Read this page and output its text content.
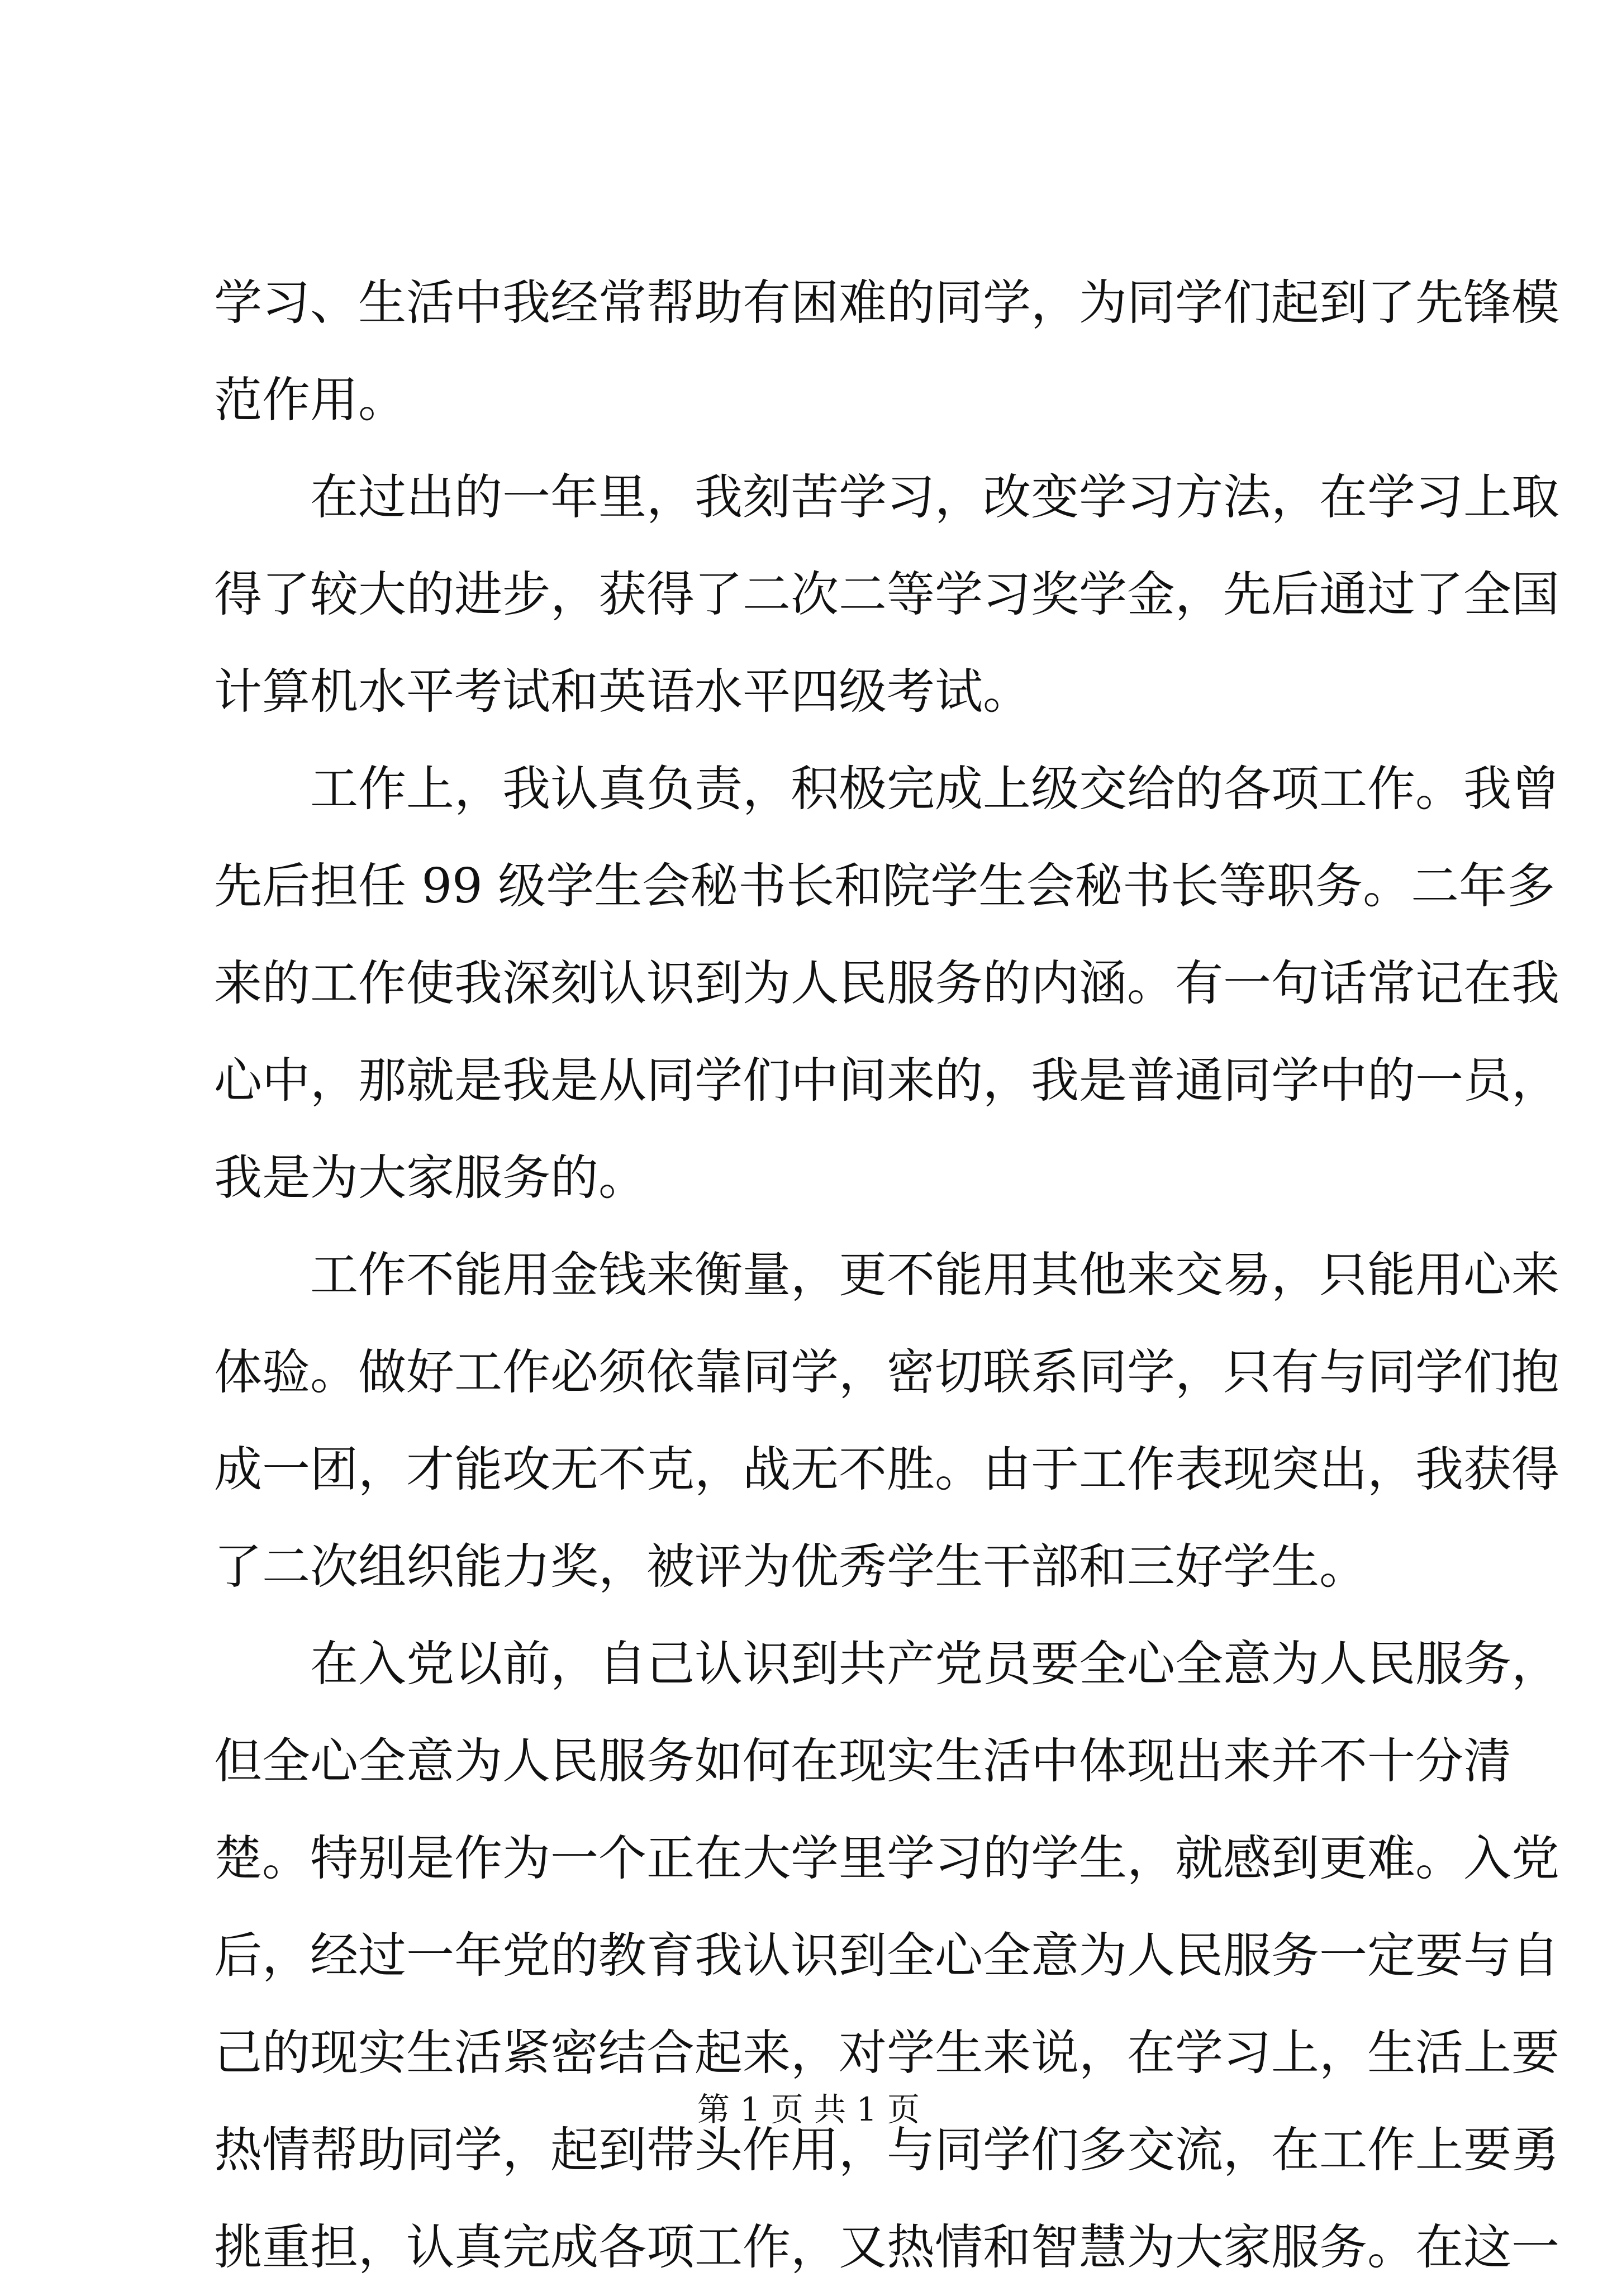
学习、生活中我经常帮助有困难的同学，为同学们起到了先锋模
范作用。
在过出的一年里，我刻苦学习，改变学习方法，在学习上取
得了较大的进步，获得了二次二等学习奖学金，先后通过了全国
计算机水平考试和英语水平四级考试。
工作上，我认真负责，积极完成上级交给的各项工作。我曾
先后担任 99 级学生会秘书长和院学生会秘书长等职务。二年多
来的工作使我深刻认识到为人民服务的内涵。有一句话常记在我
心中，那就是我是从同学们中间来的，我是普通同学中的一员，
我是为大家服务的。
工作不能用金钱来衡量，更不能用其他来交易，只能用心来
体验。做好工作必须依靠同学，密切联系同学，只有与同学们抱
成一团，才能攻无不克，战无不胜。由于工作表现突出，我获得
了二次组织能力奖，被评为优秀学生干部和三好学生。
在入党以前，自己认识到共产党员要全心全意为人民服务，
但全心全意为人民服务如何在现实生活中体现出来并不十分清
楚。特别是作为一个正在大学里学习的学生，就感到更难。入党
后，经过一年党的教育我认识到全心全意为人民服务一定要与自
己的现实生活紧密结合起来，对学生来说，在学习上，生活上要
热情帮助同学，起到带头作用，与同学们多交流，在工作上要勇
挑重担，认真完成各项工作，又热情和智慧为大家服务。在这一
第 1 页 共 1 页
